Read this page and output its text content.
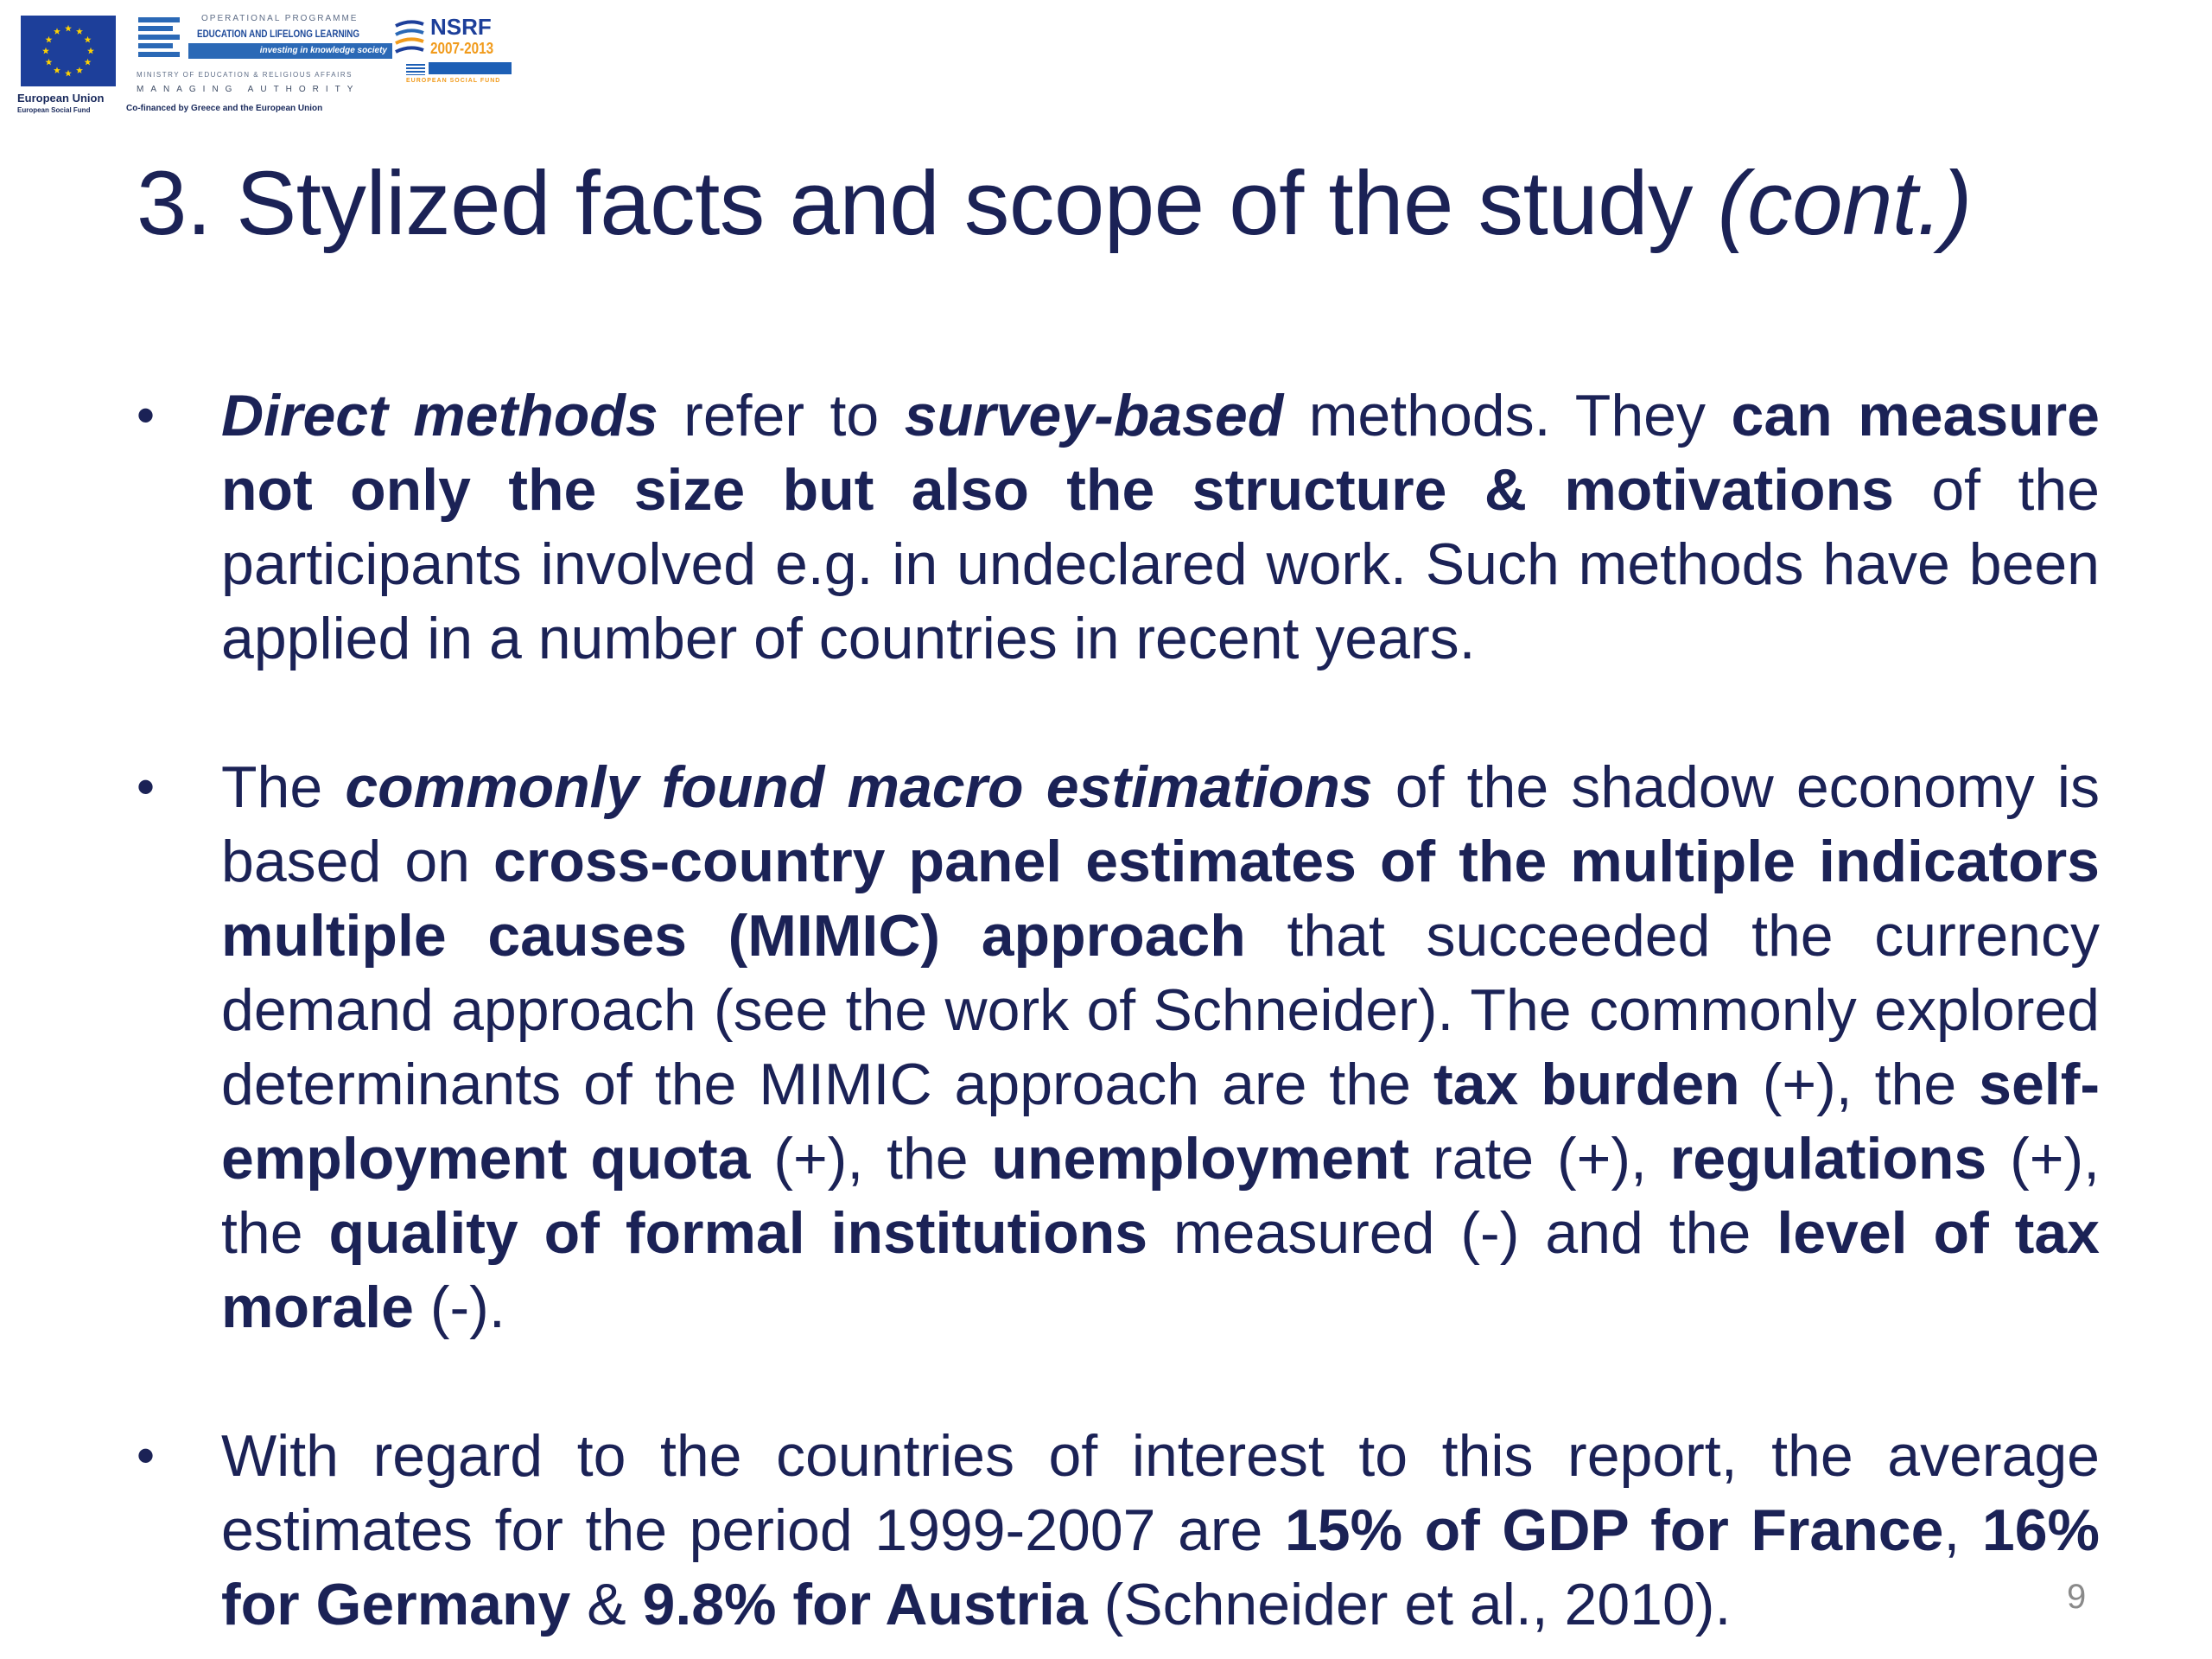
European Union
European Social Fund
OPERATIONAL PROGRAMME
EDUCATION AND LIFELONG LEARNING
investing in knowledge society
MINISTRY OF EDUCATION & RELIGIOUS AFFAIRS
MANAGING AUTHORITY
Co-financed by Greece and the European Union
NSRF
2007-2013
EUROPEAN SOCIAL FUND
3. Stylized facts and scope of the study (cont.)
• Direct methods refer to survey-based methods. They can measure not only the size but also the structure & motivations of the participants involved e.g. in undeclared work. Such methods have been applied in a number of countries in recent years.
• The commonly found macro estimations of the shadow economy is based on cross-country panel estimates of the multiple indicators multiple causes (MIMIC) approach that succeeded the currency demand approach (see the work of Schneider). The commonly explored determinants of the MIMIC approach are the tax burden (+), the self-employment quota (+), the unemployment rate (+), regulations (+), the quality of formal institutions measured (-) and the level of tax morale (-).
• With regard to the countries of interest to this report, the average estimates for the period 1999-2007 are 15% of GDP for France, 16% for Germany & 9.8% for Austria (Schneider et al., 2010).	9
